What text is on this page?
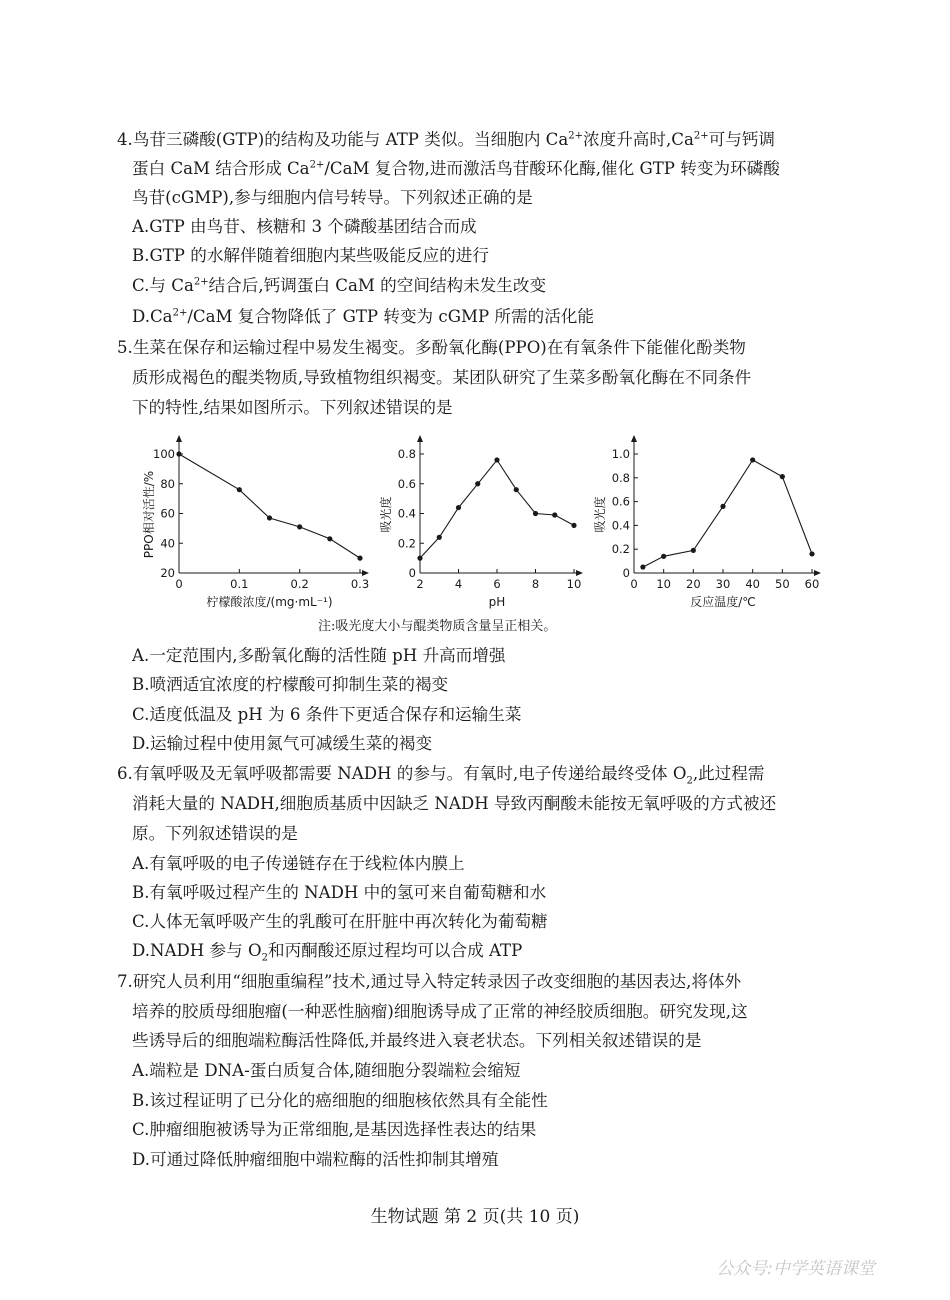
4.鸟苷三磷酸(GTP)的结构及功能与 ATP 类似。当细胞内 $Ca^{2+}$浓度升高时$,Ca^{2+}$可与钙调
蛋白 CaM 结合形成 $Ca^{2+}$/CaM 复合物,进而激活鸟苷酸环化酶,催化 GTP 转变为环磷酸
鸟苷(cGMP),参与细胞内信号转导。下列叙述正确的是
A.GTP 由鸟苷、核糖和 3 个磷酸基团结合而成
B.GTP 的水解伴随着细胞内某些吸能反应的进行
C.与 $Ca^{2+}$结合后,钙调蛋白 CaM 的空间结构未发生改变
$D.Ca^{2+}$/CaM 复合物降低了 GTP 转变为 cGMP 所需的活化能
5.生菜在保存和运输过程中易发生褐变。多酚氧化酶(PPO)在有氧条件下能催化酚类物
质形成褐色的醌类物质,导致植物组织褐变。某团队研究了生菜多酚氧化酶在不同条件
下的特性,结果如图所示。下列叙述错误的是
0	0.1	0.2	0.3
20
40
60
80
100
柠檬酸浓度/(mg·mL⁻¹)
PPO相对活性/%
2	4	6	8 10
0
0.2
0.4
0.6
0.8
pH
吸光度
0 10 20 30 40 50 60
0
0.2
0.4
0.6
0.8
1.0
反应温度/℃
吸光度
注:吸光度大小与醌类物质含量呈正相关。
A.一定范围内,多酚氧化酶的活性随 pH 升高而增强
B.喷洒适宜浓度的柠檬酸可抑制生菜的褐变
C.适度低温及 pH 为 6 条件下更适合保存和运输生菜
D.运输过程中使用氮气可减缓生菜的褐变
6.有氧呼吸及无氧呼吸都需要 NADH 的参与。有氧时,电子传递给最终受体 $O_2$,此过程需
消耗大量的 NADH,细胞质基质中因缺乏 NADH 导致丙酮酸未能按无氧呼吸的方式被还
原。下列叙述错误的是
A.有氧呼吸的电子传递链存在于线粒体内膜上
B.有氧呼吸过程产生的 NADH 中的氢可来自葡萄糖和水
C.人体无氧呼吸产生的乳酸可在肝脏中再次转化为葡萄糖
D.NADH 参与 $O_2$和丙酮酸还原过程均可以合成 ATP
7.研究人员利用“细胞重编程”技术,通过导入特定转录因子改变细胞的基因表达,将体外
培养的胶质母细胞瘤(一种恶性脑瘤)细胞诱导成了正常的神经胶质细胞。研究发现,这
些诱导后的细胞端粒酶活性降低,并最终进入衰老状态。下列相关叙述错误的是
A.端粒是 DNA-蛋白质复合体,随细胞分裂端粒会缩短
B.该过程证明了已分化的癌细胞的细胞核依然具有全能性
C.肿瘤细胞被诱导为正常细胞,是基因选择性表达的结果
D.可通过降低肿瘤细胞中端粒酶的活性抑制其增殖
生物试题 第 2 页(共 10 页)
公众号:中学英语课堂
